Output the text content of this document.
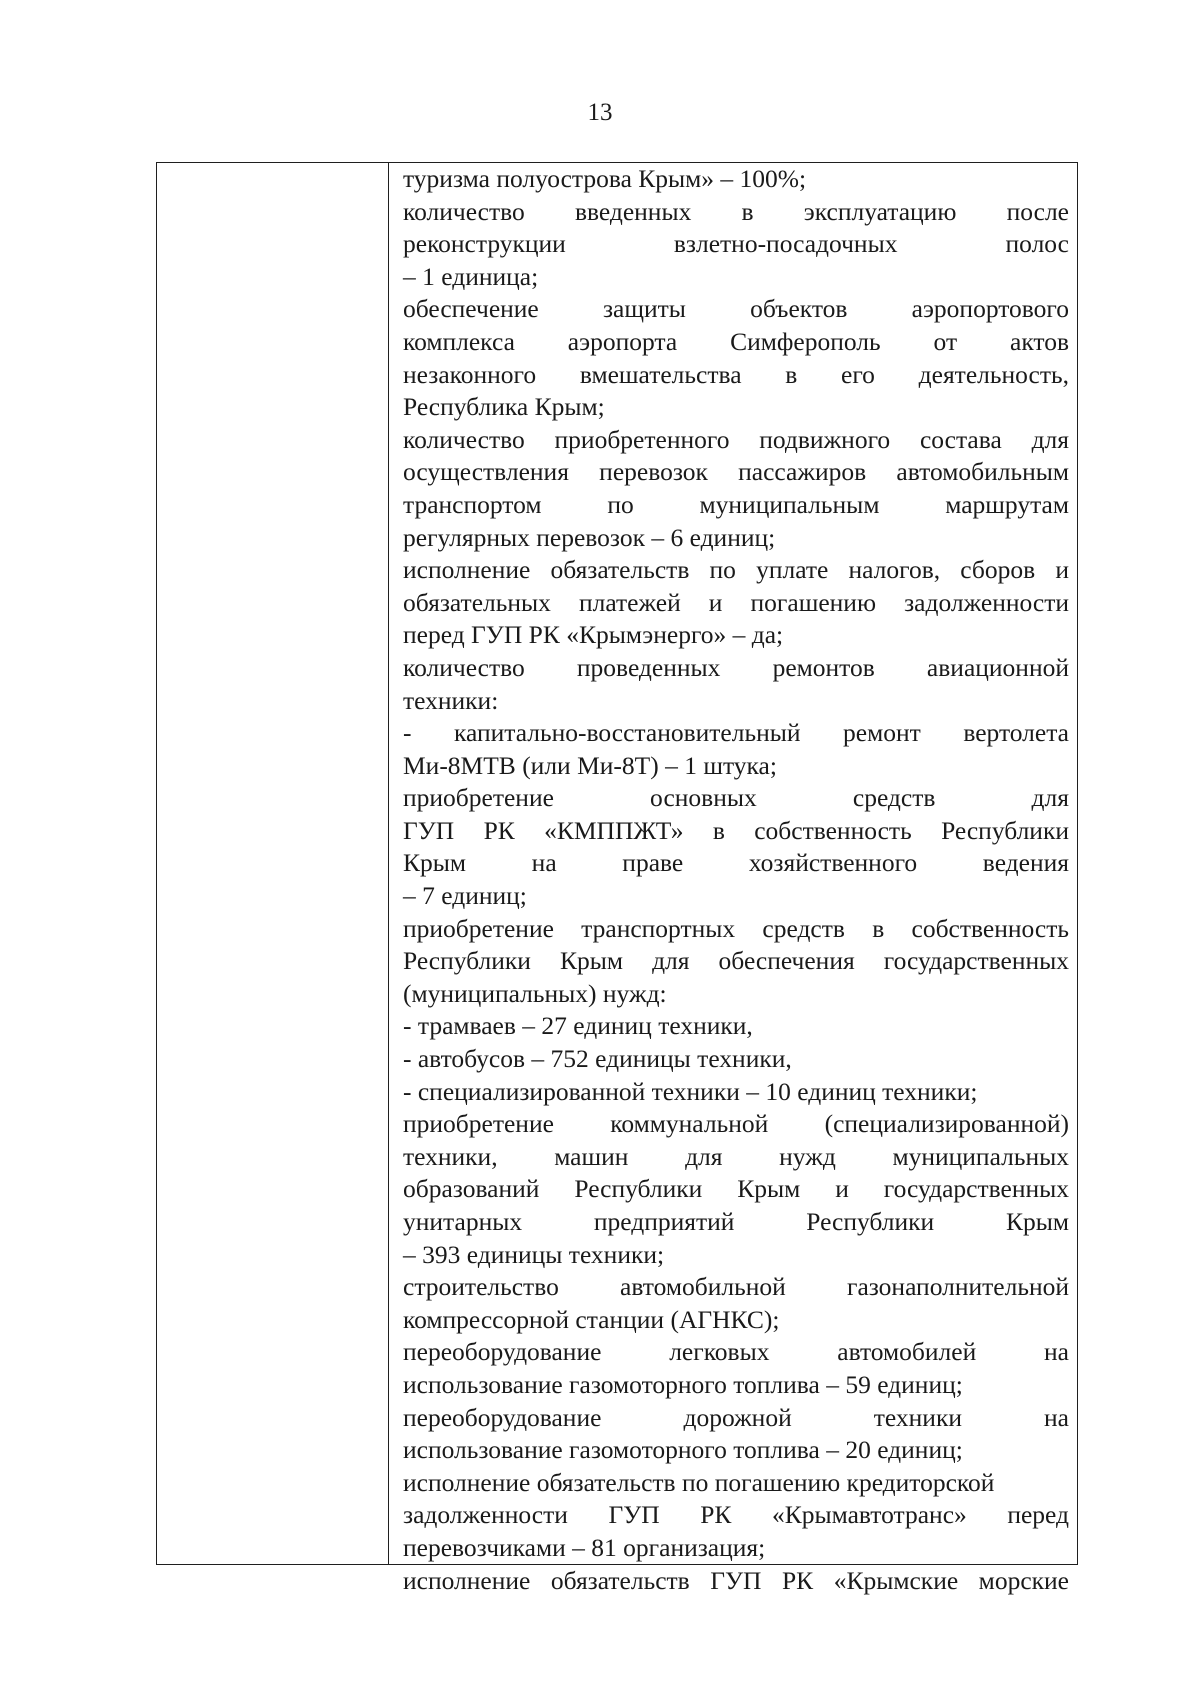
13
туризма полуострова Крым» – 100%;
количество введенных в эксплуатацию после
реконструкции взлетно-посадочных полос
– 1 единица;
обеспечение защиты объектов аэропортового
комплекса аэропорта Симферополь от актов
незаконного вмешательства в его деятельность,
Республика Крым;
количество приобретенного подвижного состава для
осуществления перевозок пассажиров автомобильным
транспортом по муниципальным маршрутам
регулярных перевозок – 6 единиц;
исполнение обязательств по уплате налогов, сборов и
обязательных платежей и погашению задолженности
перед ГУП РК «Крымэнерго» – да;
количество проведенных ремонтов авиационной
техники:
- капитально-восстановительный ремонт вертолета
Ми-8МТВ (или Ми-8Т) – 1 штука;
приобретение основных средств для
ГУП РК «КМППЖТ» в собственность Республики
Крым на праве хозяйственного ведения
– 7 единиц;
приобретение транспортных средств в собственность
Республики Крым для обеспечения государственных
(муниципальных) нужд:
- трамваев – 27 единиц техники,
- автобусов – 752 единицы техники,
- специализированной техники – 10 единиц техники;
приобретение коммунальной (специализированной)
техники, машин для нужд муниципальных
образований Республики Крым и государственных
унитарных предприятий Республики Крым
– 393 единицы техники;
строительство автомобильной газонаполнительной
компрессорной станции (АГНКС);
переоборудование легковых автомобилей на
использование газомоторного топлива – 59 единиц;
переоборудование дорожной техники на
использование газомоторного топлива – 20 единиц;
исполнение обязательств по погашению кредиторской
задолженности ГУП РК «Крымавтотранс» перед
перевозчиками – 81 организация;
исполнение обязательств ГУП РК «Крымские морские
